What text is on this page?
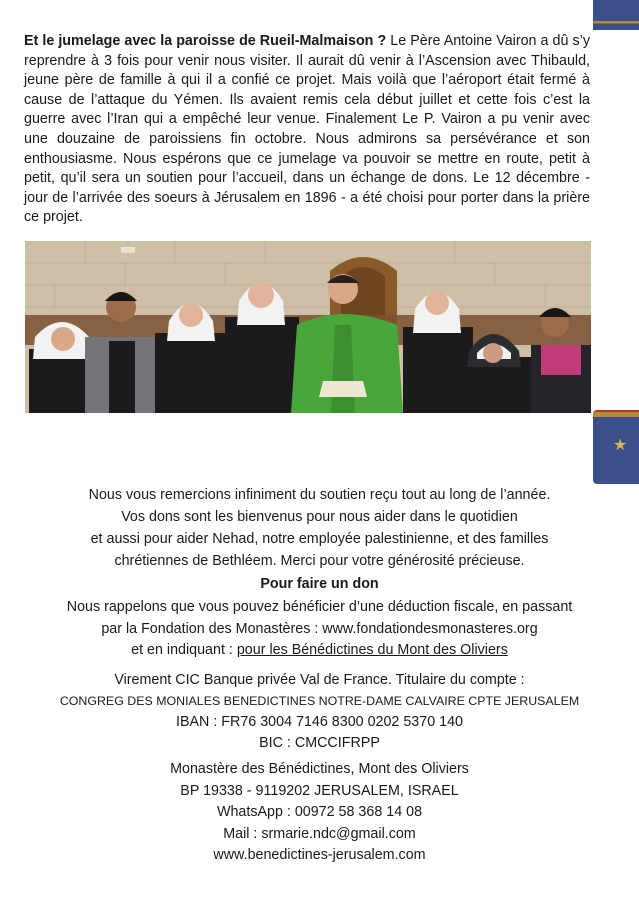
★

Et le jumelage avec la paroisse de Rueil-Malmaison ? Le Père Antoine Vairon a dû s’y reprendre à 3 fois pour venir nous visiter. Il aurait dû venir à l’Ascension avec Thibauld, jeune père de famille à qui il a confié ce projet. Mais voilà que l’aéroport était fermé à cause de l’attaque du Yémen. Ils avaient remis cela début juillet et cette fois c’est la guerre avec l’Iran qui a empêché leur venue. Finalement Le P. Vairon a pu venir avec une douzaine de paroissiens fin octobre. Nous admirons sa persévérance et son enthousiasme. Nous espérons que ce jumelage va pouvoir se mettre en route, petit à petit, qu’il sera un soutien pour l’accueil, dans un échange de dons. Le 12 décembre - jour de l’arrivée des soeurs à Jérusalem en 1896 - a été choisi pour porter dans la prière ce projet.

Nous vous remercions infiniment du soutien reçu tout au long de l’année.
Vos dons sont les bienvenus pour nous aider dans le quotidien
et aussi pour aider Nehad, notre employée palestinienne, et des familles
chrétiennes de Bethléem. Merci pour votre générosité précieuse.
Pour faire un don
Nous rappelons que vous pouvez bénéficier d’une déduction fiscale, en passant
par la Fondation des Monastères : www.fondationdesmonasteres.org
et en indiquant : pour les Bénédictines du Mont des Oliviers
Virement CIC Banque privée Val de France. Titulaire du compte :
CONGREG DES MONIALES BENEDICTINES NOTRE-DAME CALVAIRE CPTE JERUSALEM
IBAN : FR76 3004 7146 8300 0202 5370 140
BIC : CMCCIFRPP
Monastère des Bénédictines, Mont des Oliviers
BP 19338 - 9119202 JERUSALEM, ISRAEL
WhatsApp : 00972 58 368 14 08
Mail : srmarie.ndc@gmail.com
www.benedictines-jerusalem.com
